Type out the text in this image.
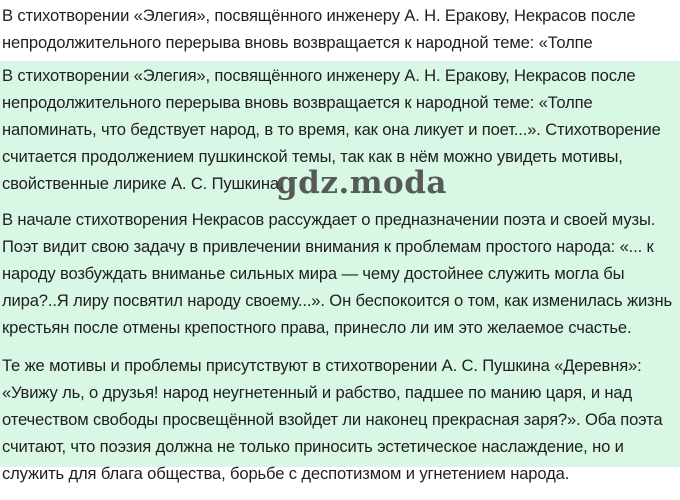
В стихотворении «Элегия», посвящённого инженеру А. Н. Еракову, Некрасов после

непродолжительного перерыва вновь возвращается к народной теме: «Толпе

В стихотворении «Элегия», посвящённого инженеру А. Н. Еракову, Некрасов после непродолжительного перерыва вновь возвращается к народной теме: «Толпе напоминать, что бедствует народ, в то время, как она ликует и поет...». Стихотворение считается продолжением пушкинской темы, так как в нём можно увидеть мотивы, свойственные лирике А. С. Пушкина.

В начале стихотворения Некрасов рассуждает о предназначении поэта и своей музы. Поэт видит свою задачу в привлечении внимания к проблемам простого народа: «... к народу возбуждать вниманье сильных мира — чему достойнее служить могла бы лира?..Я лиру посвятил народу своему...». Он беспокоится о том, как изменилась жизнь крестьян после отмены крепостного права, принесло ли им это желаемое счастье.

Те же мотивы и проблемы присутствуют в стихотворении А. С. Пушкина «Деревня»: «Увижу ль, о друзья! народ неугнетенный и рабство, падшее по манию царя, и над отечеством свободы просвещённой взойдет ли наконец прекрасная заря?». Оба поэта считают, что поэзия должна не только приносить эстетическое наслаждение, но и служить для блага общества, борьбе с деспотизмом и угнетением народа.

gdz.moda
